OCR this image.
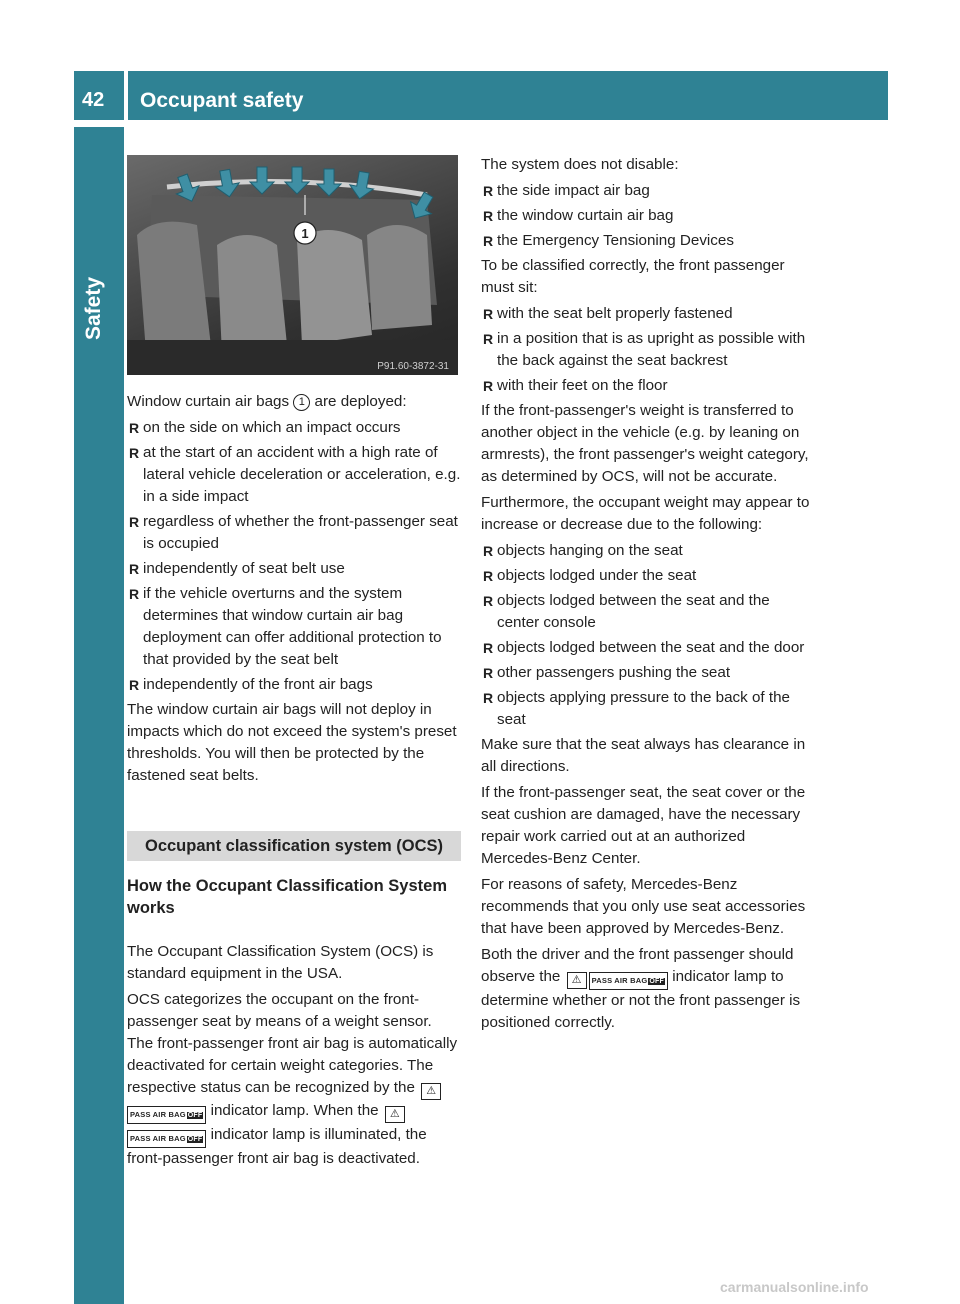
42 Occupant safety
Safety
1
P91.60-3872-31

Window curtain air bags 1 are deployed:

R on the side on which an impact occurs
R at the start of an accident with a high rate of lateral vehicle deceleration or acceleration, e.g. in a side impact
R regardless of whether the front-passenger seat is occupied
R independently of seat belt use
R if the vehicle overturns and the system determines that window curtain air bag deployment can offer additional protection to that provided by the seat belt
R independently of the front air bags

The window curtain air bags will not deploy in impacts which do not exceed the system's preset thresholds. You will then be protected by the fastened seat belts.

Occupant classification system (OCS)
How the Occupant Classification System works

The Occupant Classification System (OCS) is standard equipment in the USA.

OCS categorizes the occupant on the front-passenger seat by means of a weight sensor. The front-passenger front air bag is automatically deactivated for certain weight categories. The respective status can be recognized by the ⚠PASS AIR BAG OFF indicator lamp. When the ⚠PASS AIR BAG OFF indicator lamp is illuminated, the front-passenger front air bag is deactivated.

The system does not disable:

R the side impact air bag
R the window curtain air bag
R the Emergency Tensioning Devices

To be classified correctly, the front passenger must sit:

R with the seat belt properly fastened
R in a position that is as upright as possible with the back against the seat backrest
R with their feet on the floor

If the front-passenger's weight is transferred to another object in the vehicle (e.g. by leaning on armrests), the front passenger's weight category, as determined by OCS, will not be accurate.

Furthermore, the occupant weight may appear to increase or decrease due to the following:

R objects hanging on the seat
R objects lodged under the seat
R objects lodged between the seat and the center console
R objects lodged between the seat and the door
R other passengers pushing the seat
R objects applying pressure to the back of the seat

Make sure that the seat always has clearance in all directions.

If the front-passenger seat, the seat cover or the seat cushion are damaged, have the necessary repair work carried out at an authorized Mercedes-Benz Center.

For reasons of safety, Mercedes-Benz recommends that you only use seat accessories that have been approved by Mercedes-Benz.

Both the driver and the front passenger should observe the ⚠ PASS AIR BAG OFF indicator lamp to determine whether or not the front passenger is positioned correctly.

carmanualsonline.info
